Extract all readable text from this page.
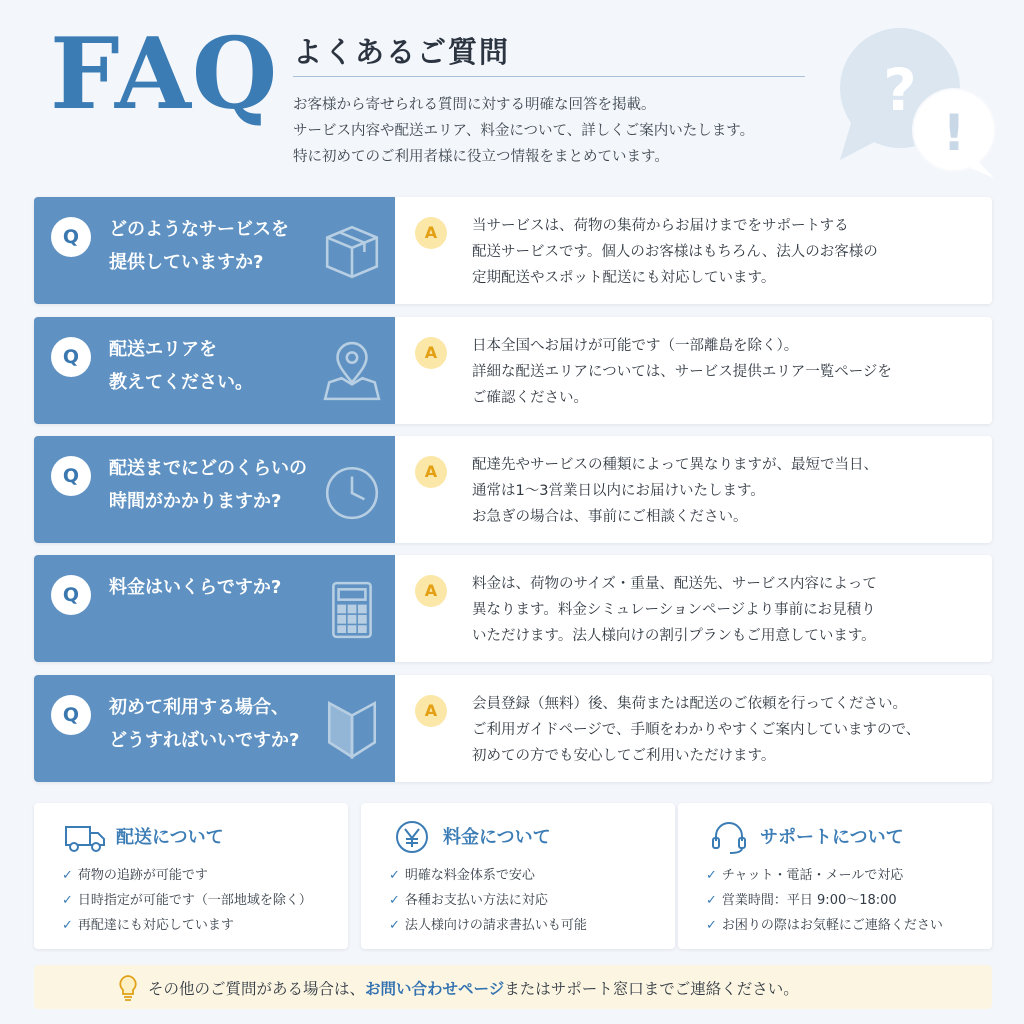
FAQ よくあるご質問
お客様から寄せられる質問に対する明確な回答を掲載。
サービス内容や配送エリア、料金について、詳しくご案内いたします。
特に初めてのご利用者様に役立つ情報をまとめています。
?
!
Q	どのようなサービスを
提供していますか?
A	当サービスは、荷物の集荷からお届けまでをサポートする
配送サービスです。個人のお客様はもちろん、法人のお客様の
定期配送やスポット配送にも対応しています。
Q	配送エリアを
教えてください。
A	日本全国へお届けが可能です（一部離島を除く）。
詳細な配送エリアについては、サービス提供エリア一覧ページを
ご確認ください。
Q	配送までにどのくらいの
時間がかかりますか?
A	配達先やサービスの種類によって異なりますが、最短で当日、
通常は1〜3営業日以内にお届けいたします。
お急ぎの場合は、事前にご相談ください。
Q	料金はいくらですか?	A	料金は、荷物のサイズ・重量、配送先、サービス内容によって
異なります。料金シミュレーションページより事前にお見積り
いただけます。法人様向けの割引プランもご用意しています。
Q	初めて利用する場合、
どうすればいいですか?
A	会員登録（無料）後、集荷または配送のご依頼を行ってください。
ご利用ガイドページで、手順をわかりやすくご案内していますので、
初めての方でも安心してご利用いただけます。
配送について
✓ 荷物の追跡が可能です
✓ 日時指定が可能です（一部地域を除く）
✓ 再配達にも対応しています
料金について
✓ 明確な料金体系で安心
✓ 各種お支払い方法に対応
✓ 法人様向けの請求書払いも可能
サポートについて
✓ チャット・電話・メールで対応
✓ 営業時間：平日 9:00〜18:00
✓ お困りの際はお気軽にご連絡ください
その他のご質問がある場合は、お問い合わせページまたはサポート窓口までご連絡ください。
